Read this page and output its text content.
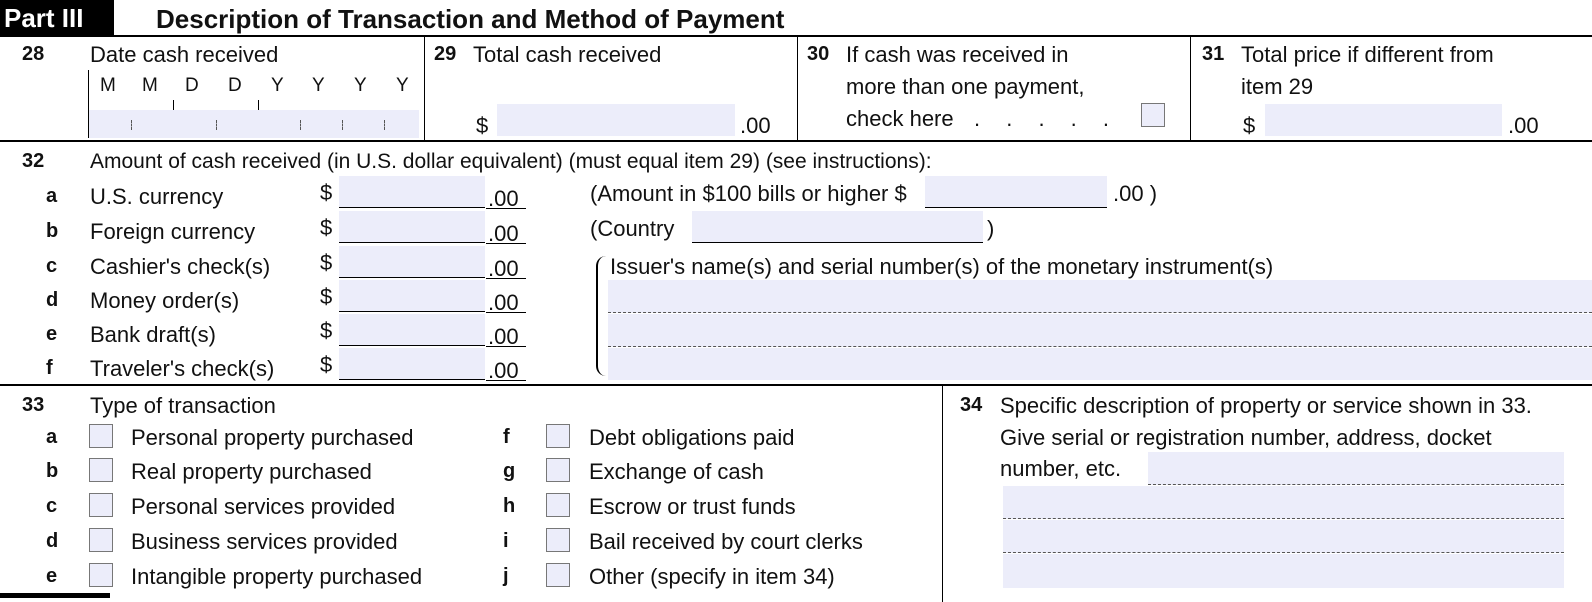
Part III	Description of Transaction and Method of Payment
28 Date cash received
M M D D Y Y Y Y
29 Total cash received
$	.00
30 If cash was received in
more than one payment,
check here . . . . .
31 Total price if different from
item 29
$	.00
32 Amount of cash received (in U.S. dollar equivalent) (must equal item 29) (see instructions):
a U.S. currency	$	.00
b Foreign currency	$	.00
c Cashier's check(s) $	.00
d Money order(s)	$	.00
e Bank draft(s)	$	.00
f Traveler's check(s) $	.00
(Amount in $100 bills or higher $	.00 )
(Country	)
Issuer's name(s) and serial number(s) of the monetary instrument(s)
33 Type of transaction
a	Personal property purchased
b	Real property purchased
c	Personal services provided
d	Business services provided
e	Intangible property purchased
f	Debt obligations paid
g	Exchange of cash
h	Escrow or trust funds
i	Bail received by court clerks
j	Other (specify in item 34)
34 Specific description of property or service shown in 33.
Give serial or registration number, address, docket
number, etc.
